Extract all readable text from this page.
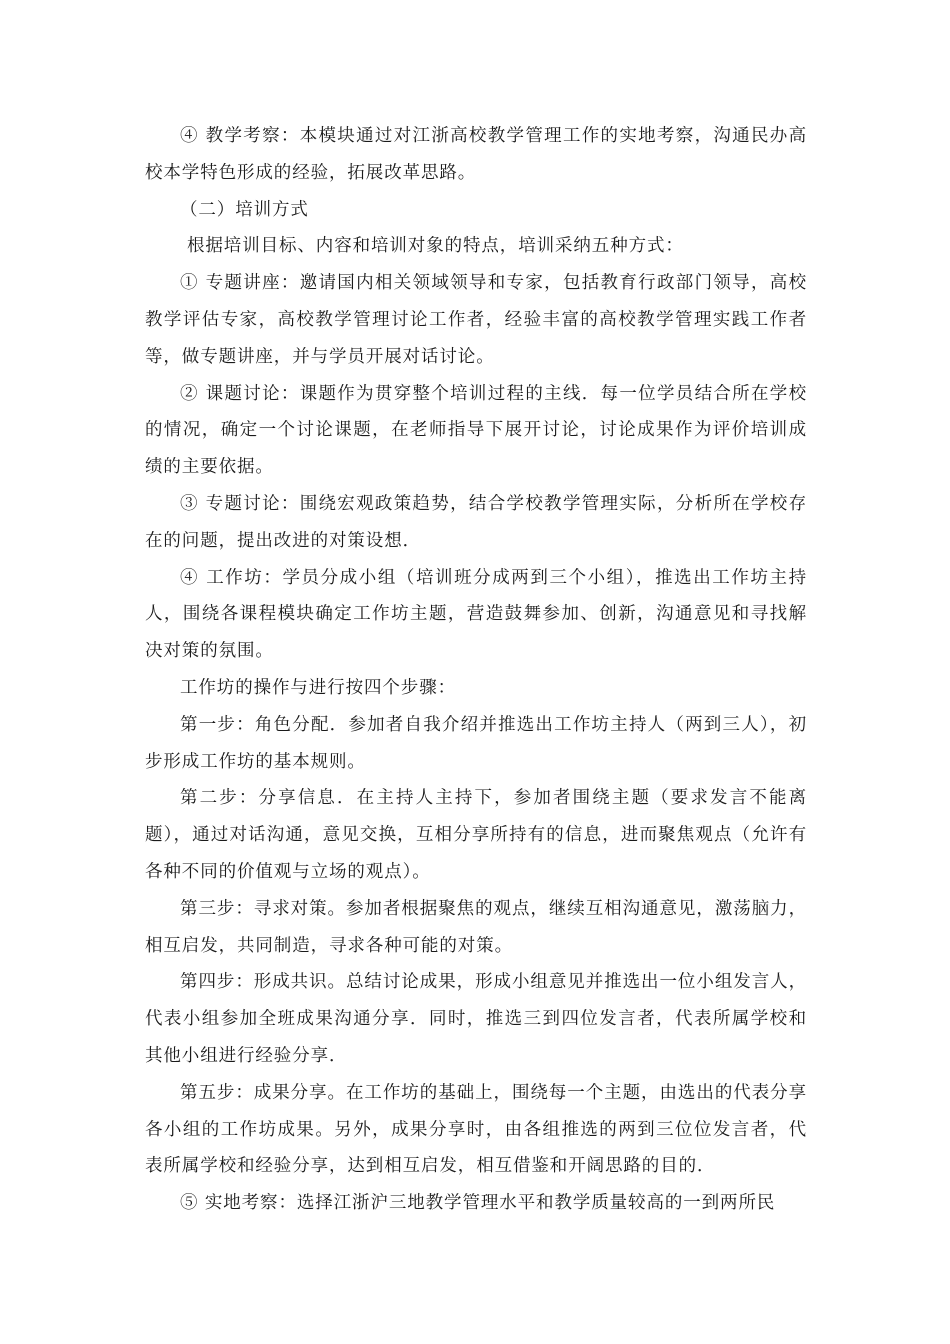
④ 教学考察：本模块通过对江浙高校教学管理工作的实地考察，沟通民办高校本学特色形成的经验，拓展改革思路。

（二）培训方式

根据培训目标、内容和培训对象的特点，培训采纳五种方式：

① 专题讲座：邀请国内相关领域领导和专家，包括教育行政部门领导，高校教学评估专家，高校教学管理讨论工作者，经验丰富的高校教学管理实践工作者等，做专题讲座，并与学员开展对话讨论。

② 课题讨论：课题作为贯穿整个培训过程的主线．每一位学员结合所在学校的情况，确定一个讨论课题，在老师指导下展开讨论，讨论成果作为评价培训成绩的主要依据。

③ 专题讨论：围绕宏观政策趋势，结合学校教学管理实际，分析所在学校存在的问题，提出改进的对策设想．

④ 工作坊：学员分成小组（培训班分成两到三个小组），推选出工作坊主持人，围绕各课程模块确定工作坊主题，营造鼓舞参加、创新，沟通意见和寻找解决对策的氛围。

工作坊的操作与进行按四个步骤：

第一步：角色分配．参加者自我介绍并推选出工作坊主持人（两到三人），初步形成工作坊的基本规则。

第二步：分享信息．在主持人主持下，参加者围绕主题（要求发言不能离题），通过对话沟通，意见交换，互相分享所持有的信息，进而聚焦观点（允许有各种不同的价值观与立场的观点）。

第三步：寻求对策。参加者根据聚焦的观点，继续互相沟通意见，激荡脑力，相互启发，共同制造，寻求各种可能的对策。

第四步：形成共识。总结讨论成果，形成小组意见并推选出一位小组发言人，代表小组参加全班成果沟通分享．同时，推选三到四位发言者，代表所属学校和其他小组进行经验分享．

第五步：成果分享。在工作坊的基础上，围绕每一个主题，由选出的代表分享各小组的工作坊成果。另外，成果分享时，由各组推选的两到三位位发言者，代表所属学校和经验分享，达到相互启发，相互借鉴和开阔思路的目的．

⑤ 实地考察：选择江浙沪三地教学管理水平和教学质量较高的一到两所民
